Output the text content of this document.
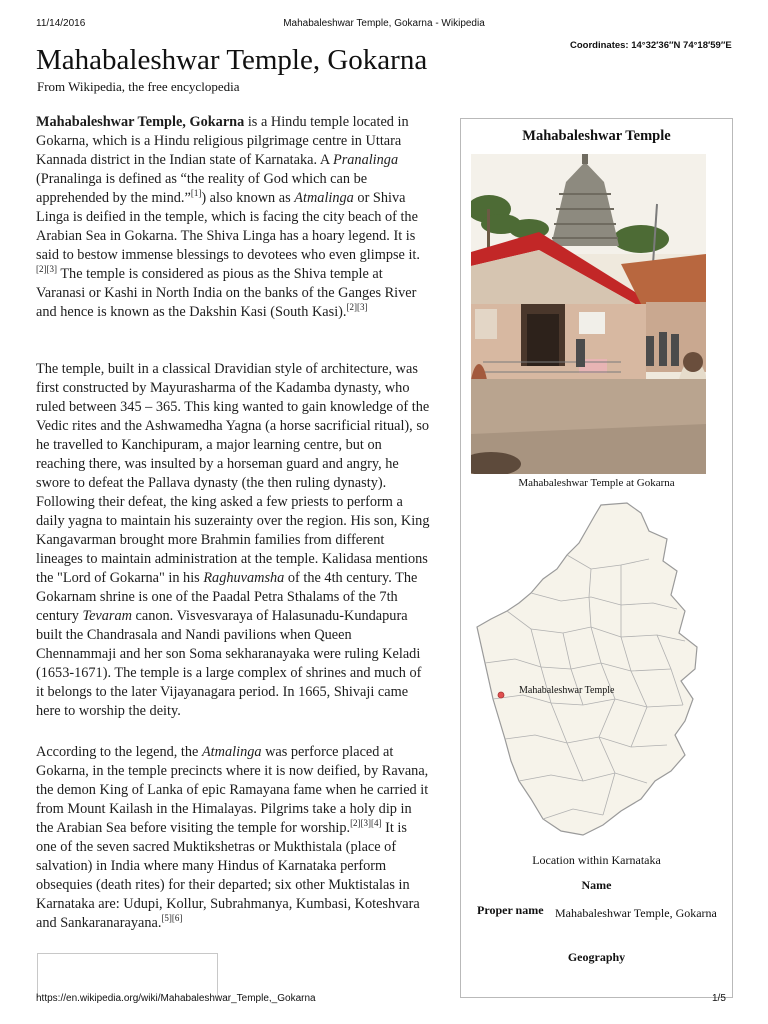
11/14/2016	Mahabaleshwar Temple, Gokarna - Wikipedia
Coordinates: 14°32′36″N 74°18′59″E
Mahabaleshwar Temple, Gokarna
From Wikipedia, the free encyclopedia
Mahabaleshwar Temple, Gokarna is a Hindu temple located in Gokarna, which is a Hindu religious pilgrimage centre in Uttara Kannada district in the Indian state of Karnataka. A Pranalinga (Pranalinga is defined as “the reality of God which can be apprehended by the mind.”[1]) also known as Atmalinga or Shiva Linga is deified in the temple, which is facing the city beach of the Arabian Sea in Gokarna. The Shiva Linga has a hoary legend. It is said to bestow immense blessings to devotees who even glimpse it.[2][3] The temple is considered as pious as the Shiva temple at Varanasi or Kashi in North India on the banks of the Ganges River and hence is known as the Dakshin Kasi (South Kasi).[2][3]
The temple, built in a classical Dravidian style of architecture, was first constructed by Mayurasharma of the Kadamba dynasty, who ruled between 345 – 365. This king wanted to gain knowledge of the Vedic rites and the Ashwamedha Yagna (a horse sacrificial ritual), so he travelled to Kanchipuram, a major learning centre, but on reaching there, was insulted by a horseman guard and angry, he swore to defeat the Pallava dynasty (the then ruling dynasty). Following their defeat, the king asked a few priests to perform a daily yagna to maintain his suzerainty over the region. His son, King Kangavarman brought more Brahmin families from different lineages to maintain administration at the temple. Kalidasa mentions the "Lord of Gokarna" in his Raghuvamsha of the 4th century. The Gokarnam shrine is one of the Paadal Petra Sthalams of the 7th century Tevaram canon. Visvesvaraya of Halasunadu-Kundapura built the Chandrasala and Nandi pavilions when Queen Chennammaji and her son Soma sekharanayaka were ruling Keladi (1653-1671). The temple is a large complex of shrines and much of it belongs to the later Vijayanagara period. In 1665, Shivaji came here to worship the deity.
According to the legend, the Atmalinga was perforce placed at Gokarna, in the temple precincts where it is now deified, by Ravana, the demon King of Lanka of epic Ramayana fame when he carried it from Mount Kailash in the Himalayas. Pilgrims take a holy dip in the Arabian Sea before visiting the temple for worship.[2][3][4] It is one of the seven sacred Muktikshetras or Mukthistala (place of salvation) in India where many Hindus of Karnataka perform obsequies (death rites) for their departed; six other Muktistalas in Karnataka are: Udupi, Kollur, Subrahmanya, Kumbasi, Koteshvara and Sankaranarayana.[5][6]
Mahabaleshwar Temple
Mahabaleshwar Temple at Gokarna
Mahabaleshwar Temple
Location within Karnataka
Name
Proper name Mahabaleshwar Temple, Gokarna
Geography
https://en.wikipedia.org/wiki/Mahabaleshwar_Temple,_Gokarna	1/5
